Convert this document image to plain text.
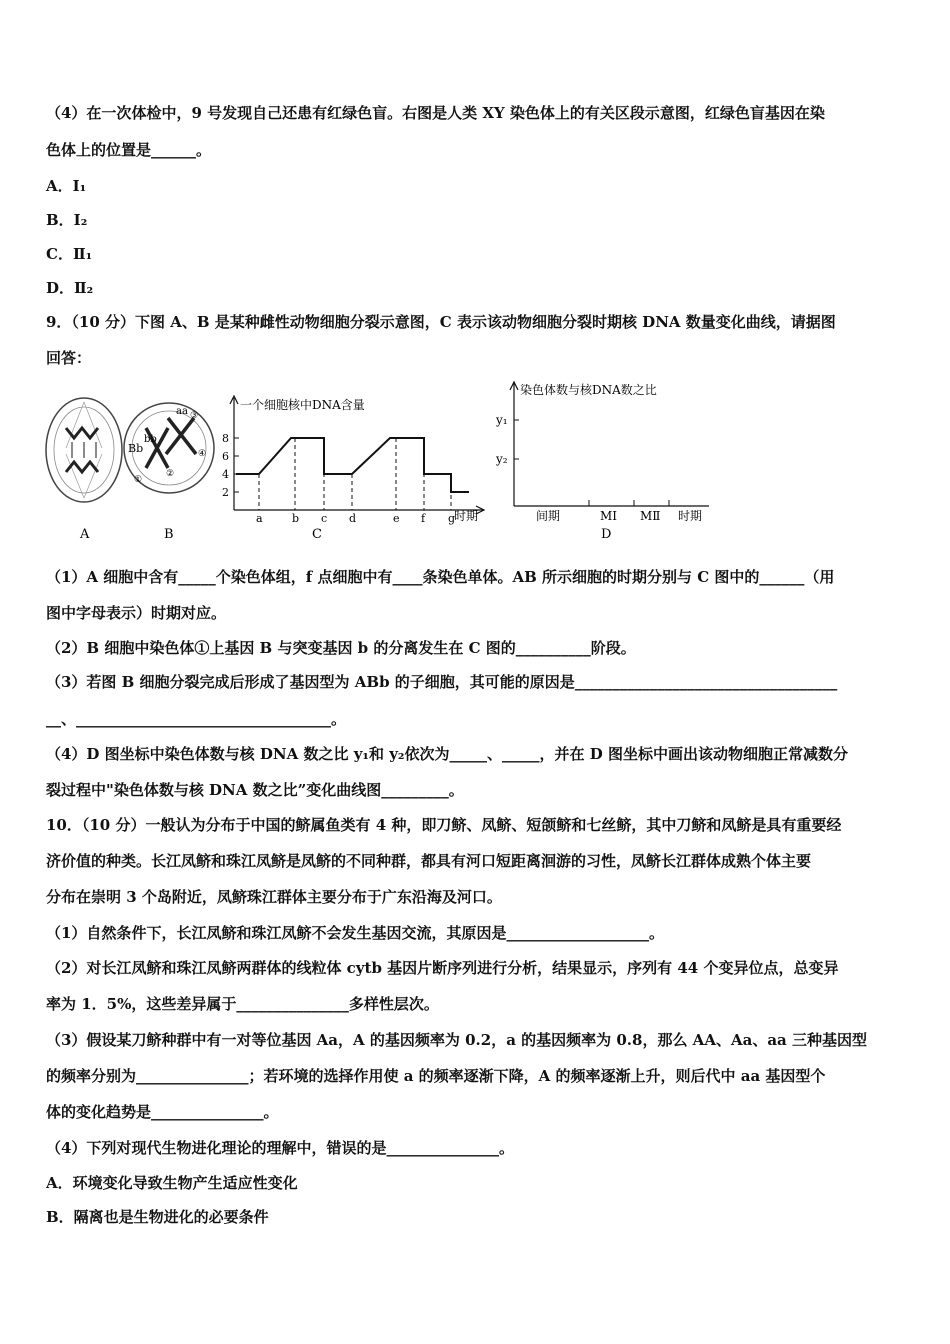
（4）在一次体检中，9 号发现自己还患有红绿色盲。右图是人类 XY 染色体上的有关区段示意图，红绿色盲基因在染
色体上的位置是______。
A．I₁
B．I₂
C．Ⅱ₁
D．Ⅱ₂
9．（10 分）下图 A、B 是某种雌性动物细胞分裂示意图，C 表示该动物细胞分裂时期核 DNA 数量变化曲线，请据图
回答：
Bb
bb
aa
①
②
③
④
一个细胞核中DNA含量
时期
2
4
6
8
a	b c d	e f g
染色体数与核DNA数之比
y₁
y₂
间期	MⅠ MⅡ 时期
A	B	C	D
（1）A 细胞中含有_____个染色体组，f 点细胞中有____条染色单体。AB 所示细胞的时期分别与 C 图中的______（用
图中字母表示）时期对应。
（2）B 细胞中染色体①上基因 B 与突变基因 b 的分离发生在 C 图的__________阶段。
（3）若图 B 细胞分裂完成后形成了基因型为 ABb 的子细胞，其可能的原因是___________________________________
__、__________________________________。
（4）D 图坐标中染色体数与核 DNA 数之比 y₁和 y₂依次为_____、_____，并在 D 图坐标中画出该动物细胞正常减数分
裂过程中"染色体数与核 DNA 数之比”变化曲线图_________。
10．（10 分）一般认为分布于中国的鲚属鱼类有 4 种，即刀鲚、凤鲚、短颌鲚和七丝鲚，其中刀鲚和凤鲚是具有重要经
济价值的种类。长江凤鲚和珠江凤鲚是凤鲚的不同种群，都具有河口短距离洄游的习性，凤鲚长江群体成熟个体主要
分布在崇明 3 个岛附近，凤鲚珠江群体主要分布于广东沿海及河口。
（1）自然条件下，长江凤鲚和珠江凤鲚不会发生基因交流，其原因是___________________。
（2）对长江凤鲚和珠江凤鲚两群体的线粒体 cytb 基因片断序列进行分析，结果显示，序列有 44 个变异位点，总变异
率为 1．5%，这些差异属于_______________多样性层次。
（3）假设某刀鲚种群中有一对等位基因 Aa，A 的基因频率为 0.2，a 的基因频率为 0.8，那么 AA、Aa、aa 三种基因型
的频率分别为_______________；若环境的选择作用使 a 的频率逐渐下降，A 的频率逐渐上升，则后代中 aa 基因型个
体的变化趋势是_______________。
（4）下列对现代生物进化理论的理解中，错误的是_______________。
A．环境变化导致生物产生适应性变化
B．隔离也是生物进化的必要条件
